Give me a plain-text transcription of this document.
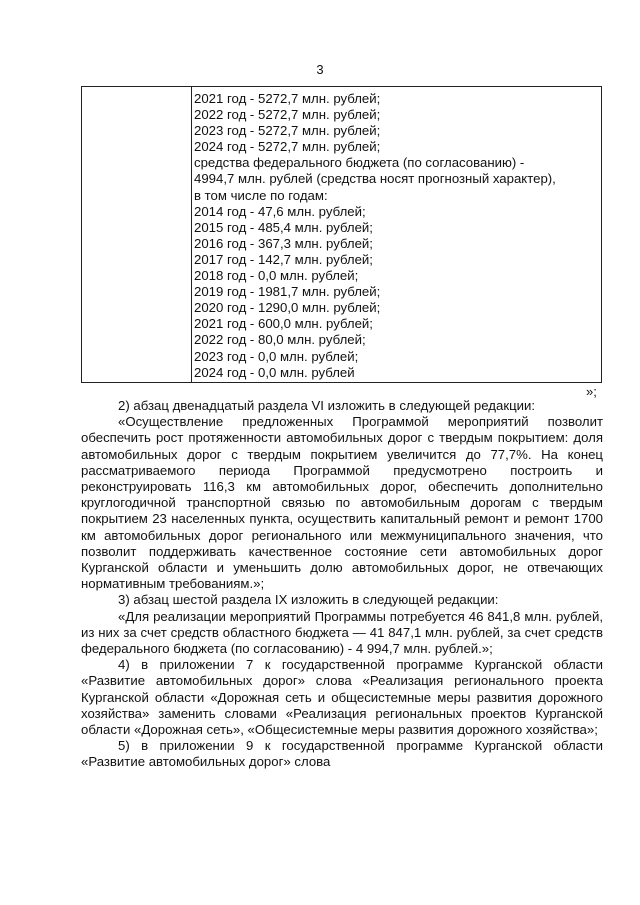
3
2021 год - 5272,7 млн. рублей;
2022 год - 5272,7 млн. рублей;
2023 год - 5272,7 млн. рублей;
2024 год - 5272,7 млн. рублей;
средства федерального бюджета (по согласованию) -
4994,7 млн. рублей (средства носят прогнозный характер),
в том числе по годам:
2014 год - 47,6 млн. рублей;
2015 год - 485,4 млн. рублей;
2016 год - 367,3 млн. рублей;
2017 год - 142,7 млн. рублей;
2018 год - 0,0 млн. рублей;
2019 год - 1981,7 млн. рублей;
2020 год - 1290,0 млн. рублей;
2021 год - 600,0 млн. рублей;
2022 год - 80,0 млн. рублей;
2023 год - 0,0 млн. рублей;
2024 год - 0,0 млн. рублей
»;

2) абзац двенадцатый раздела VI изложить в следующей редакции:

«Осуществление предложенных Программой мероприятий позволит обеспечить рост протяженности автомобильных дорог с твердым покрытием: доля автомобильных дорог с твердым покрытием увеличится до 77,7%. На конец рассматриваемого периода Программой предусмотрено построить и реконструировать 116,3 км автомобильных дорог, обеспечить дополнительно круглогодичной транспортной связью по автомобильным дорогам с твердым покрытием 23 населенных пункта, осуществить капитальный ремонт и ремонт 1700 км автомобильных дорог регионального или межмуниципального значения, что позволит поддерживать качественное состояние сети автомобильных дорог Курганской области и уменьшить долю автомобильных дорог, не отвечающих нормативным требованиям.»;

3) абзац шестой раздела IX изложить в следующей редакции:

«Для реализации мероприятий Программы потребуется 46 841,8 млн. рублей, из них за счет средств областного бюджета — 41 847,1 млн. рублей, за счет средств федерального бюджета (по согласованию) - 4 994,7 млн. рублей.»;

4) в приложении 7 к государственной программе Курганской области «Развитие автомобильных дорог» слова «Реализация регионального проекта Курганской области «Дорожная сеть и общесистемные меры развития дорожного хозяйства» заменить словами «Реализация региональных проектов Курганской области «Дорожная сеть», «Общесистемные меры развития дорожного хозяйства»;

5) в приложении 9 к государственной программе Курганской области «Развитие автомобильных дорог» слова
